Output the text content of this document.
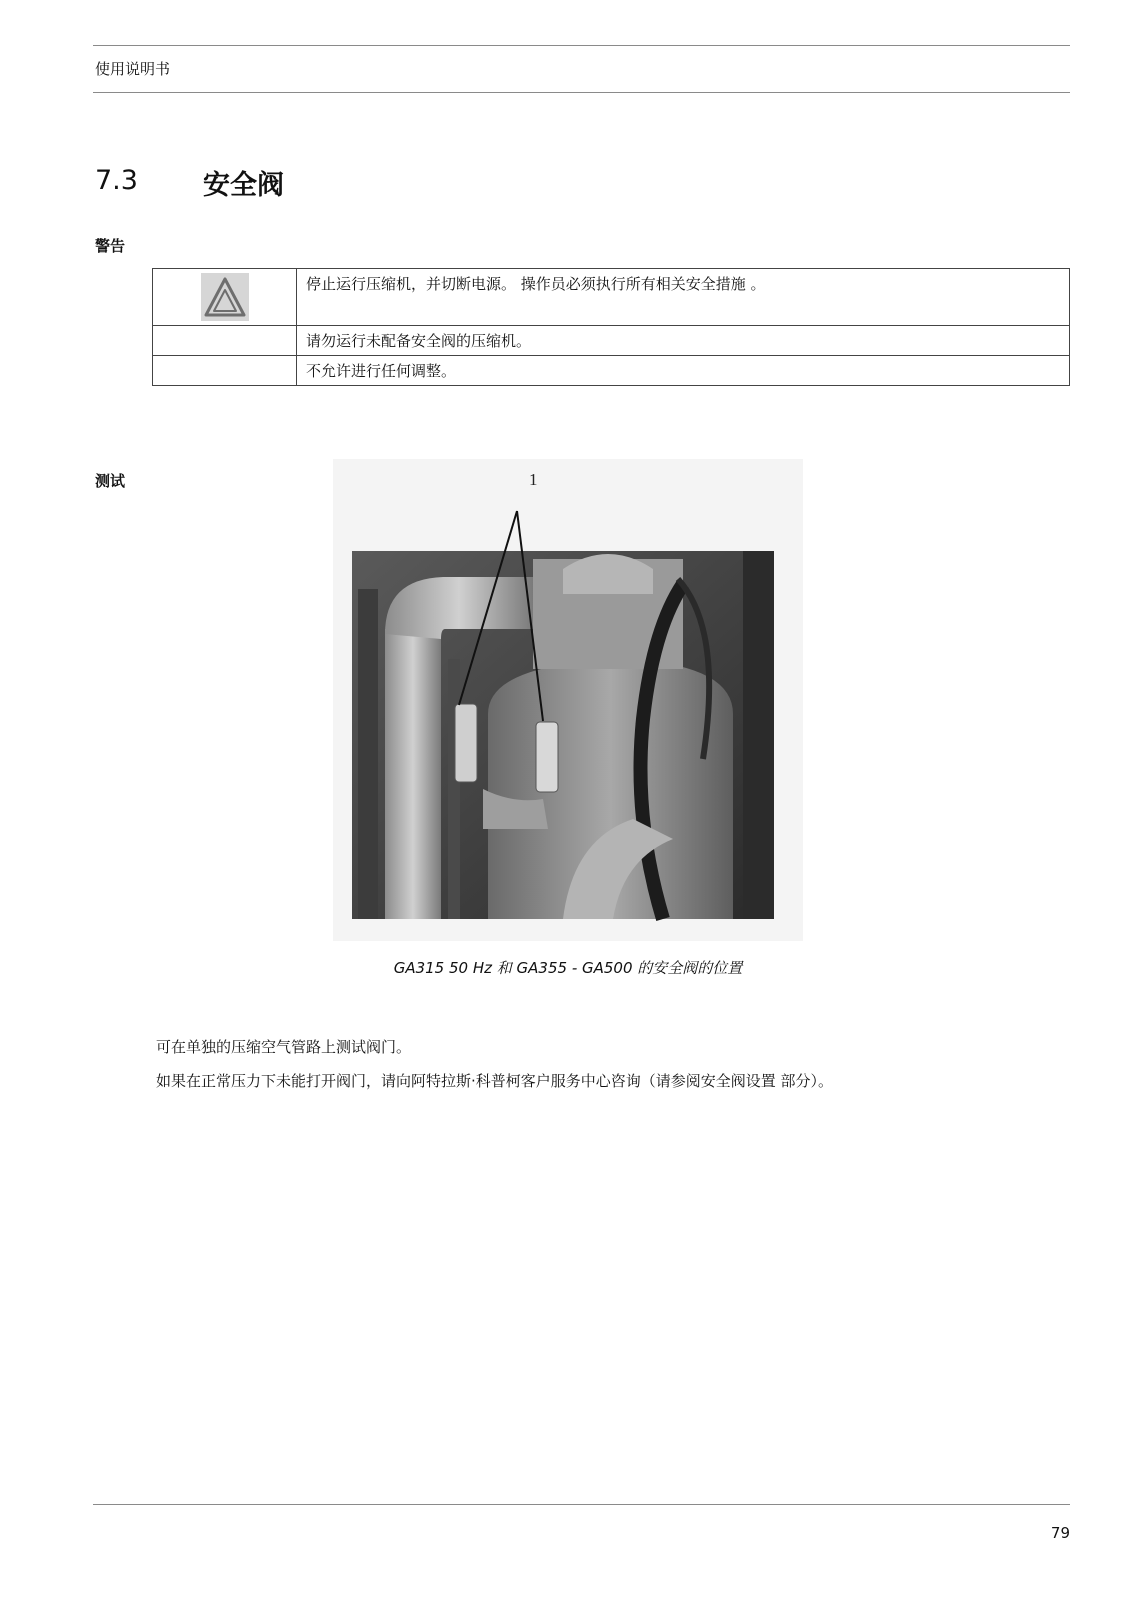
使用说明书
7.3 安全阀
警告
	停止运行压缩机，并切断电源。 操作员必须执行所有相关安全措施 。
	请勿运行未配备安全阀的压缩机。
	不允许进行任何调整。
测试	1
GA315 50 Hz 和 GA355 - GA500 的安全阀的位置
可在单独的压缩空气管路上测试阀门。
如果在正常压力下未能打开阀门，请向阿特拉斯·科普柯客户服务中心咨询（请参阅安全阀设置 部分）。
79
